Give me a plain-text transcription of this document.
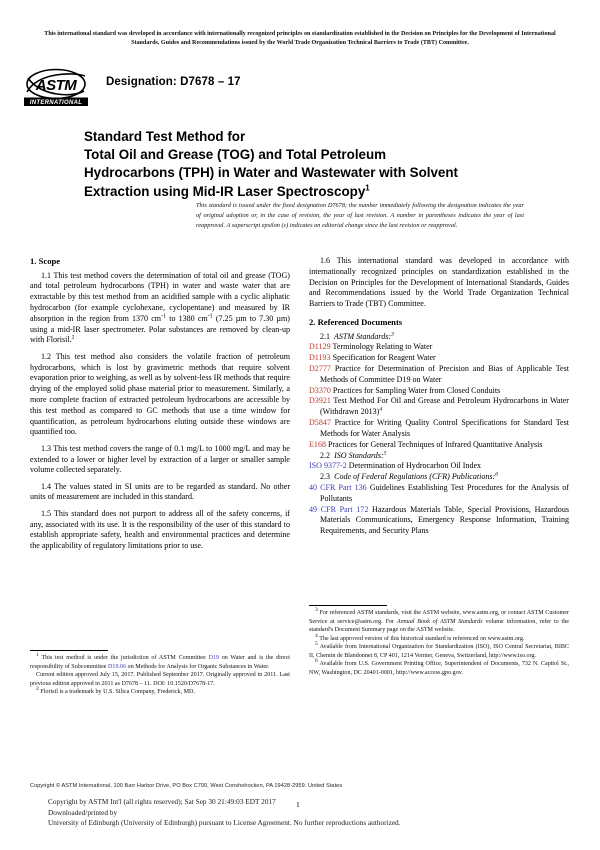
This international standard was developed in accordance with internationally recognized principles on standardization established in the Decision on Principles for the Development of International Standards, Guides and Recommendations issued by the World Trade Organization Technical Barriers to Trade (TBT) Committee.
ASTM
INTERNATIONAL
Designation: D7678 – 17
Standard Test Method for
Total Oil and Grease (TOG) and Total Petroleum
Hydrocarbons (TPH) in Water and Wastewater with Solvent
Extraction using Mid-IR Laser Spectroscopy$^1$
This standard is issued under the fixed designation D7678; the number immediately following the designation indicates the year of original adoption or, in the case of revision, the year of last revision. A number in parentheses indicates the year of last reapproval. A superscript epsilon (ε) indicates an editorial change since the last revision or reapproval.
1. Scope

1.1 This test method covers the determination of total oil and grease (TOG) and total petroleum hydrocarbons (TPH) in water and waste water that are extractable by this test method from an acidified sample with a cyclic aliphatic hydrocarbon (for example cyclohexane, cyclopentane) and measured by IR absorption in the region from 1370 $cm^{-1}$ to 1380 $cm^{-1}$ (7.25 µm to 7.30 µm) using a mid-IR laser spectrometer. Polar substances are removed by clean-up with Florisil.$^2$

1.2 This test method also considers the volatile fraction of petroleum hydrocarbons, which is lost by gravimetric methods that require solvent evaporation prior to weighing, as well as by solvent-less IR methods that require drying of the employed solid phase material prior to measurement. Similarly, a more complete fraction of extracted petroleum hydrocarbons are accessible by this test method as compared to GC methods that use a time window for quantification, as petroleum hydrocarbons eluting outside these windows are quantified too.

1.3 This test method covers the range of 0.1 mg/L to 1000 mg/L and may be extended to a lower or higher level by extraction of a larger or smaller sample volume collected separately.

1.4 The values stated in SI units are to be regarded as standard. No other units of measurement are included in this standard.

1.5 This standard does not purport to address all of the safety concerns, if any, associated with its use. It is the responsibility of the user of this standard to establish appropriate safety, health and environmental practices and determine the applicability of regulatory limitations prior to use.

1.6 This international standard was developed in accordance with internationally recognized principles on standardization established in the Decision on Principles for the Development of International Standards, Guides and Recommendations issued by the World Trade Organization Technical Barriers to Trade (TBT) Committee.

2. Referenced Documents

2.1 ASTM Standards:$^3$

D1129 Terminology Relating to Water
D1193 Specification for Reagent Water
D2777 Practice for Determination of Precision and Bias of Applicable Test Methods of Committee D19 on Water
D3370 Practices for Sampling Water from Closed Conduits
D3921 Test Method For Oil and Grease and Petroleum Hydrocarbons in Water (Withdrawn 2013)$^4$
D5847 Practice for Writing Quality Control Specifications for Standard Test Methods for Water Analysis
E168 Practices for General Techniques of Infrared Quantitative Analysis

2.2 ISO Standards:$^5$

ISO 9377-2 Determination of Hydrocarbon Oil Index

2.3 Code of Federal Regulations (CFR) Publications:$^6$

40 CFR Part 136 Guidelines Establishing Test Procedures for the Analysis of Pollutants
49 CFR Part 172 Hazardous Materials Table, Special Provisions, Hazardous Materials Communications, Emergency Response Information, Training Requirements, and Security Plans

$^1$ This test method is under the jurisdiction of ASTM Committee D19 on Water and is the direct responsibility of Subcommittee D19.06 on Methods for Analysis for Organic Substances in Water.

Current edition approved July 15, 2017. Published September 2017. Originally approved in 2011. Last previous edition approved in 2011 as D7678 – 11. DOI: 10.1520/D7678-17.

$^2$ Florisil is a trademark by U.S. Silica Company, Frederick, MD.

$^3$ For referenced ASTM standards, visit the ASTM website, www.astm.org, or contact ASTM Customer Service at service@astm.org. For Annual Book of ASTM Standards volume information, refer to the standard's Document Summary page on the ASTM website.

$^4$ The last approved version of this historical standard is referenced on www.astm.org.

$^5$ Available from International Organization for Standardization (ISO), ISO Central Secretariat, BIBC II, Chemin de Blandonnet 8, CP 401, 1214 Vernier, Geneva, Switzerland, http://www.iso.org.

$^6$ Available from U.S. Government Printing Office, Superintendent of Documents, 732 N. Capitol St., NW, Washington, DC 20401-0001, http://www.access.gpo.gov.

Copyright © ASTM International, 100 Barr Harbor Drive, PO Box C700, West Conshohocken, PA 19428-2959. United States
Copyright by ASTM Int'l (all rights reserved); Sat Sep 30 21:49:03 EDT 2017
Downloaded/printed by
University of Edinburgh (University of Edinburgh) pursuant to License Agreement. No further reproductions authorized.
1
